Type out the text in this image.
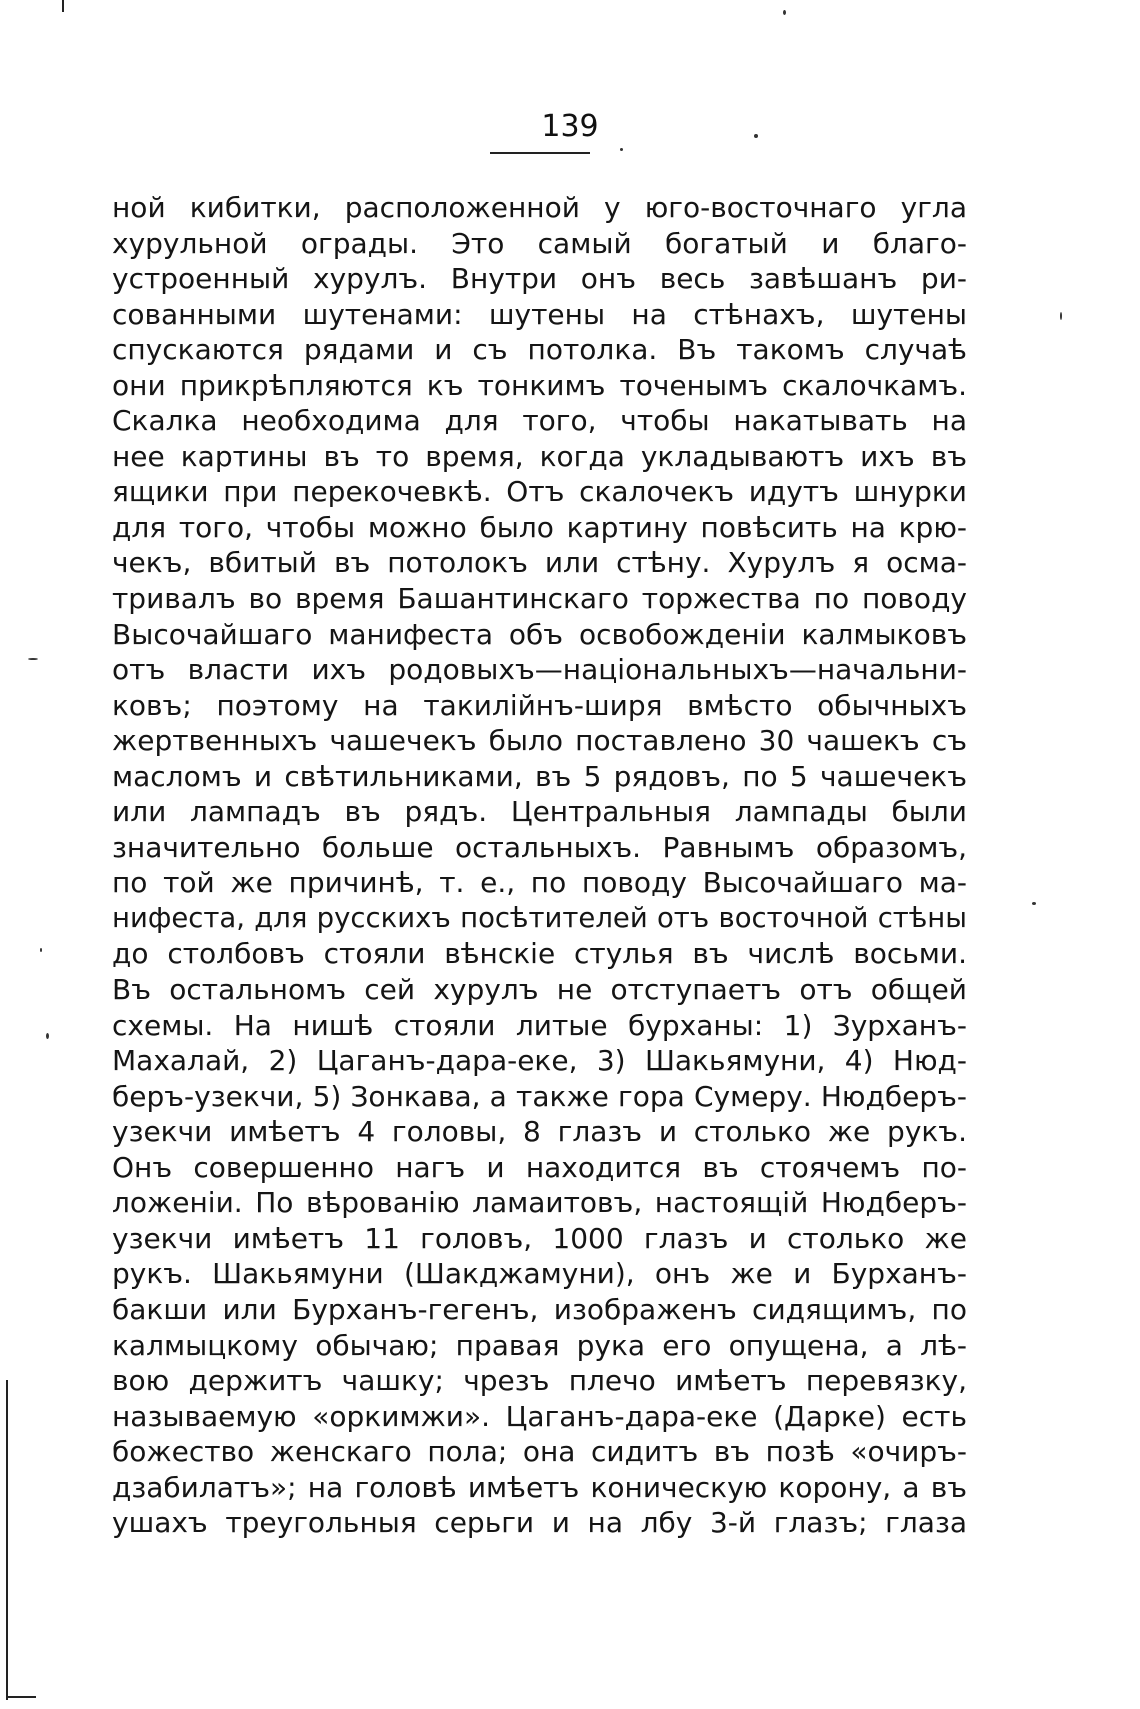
139
ной кибитки, расположенной у юго-восточнаго угла
хурульной ограды. Это самый богатый и благо-
устроенный хурулъ. Внутри онъ весь завѣшанъ ри-
сованными шутенами: шутены на стѣнахъ, шутены
спускаются рядами и съ потолка. Въ такомъ случаѣ
они прикрѣпляются къ тонкимъ точенымъ скалочкамъ.
Скалка необходима для того, чтобы накатывать на
нее картины въ то время, когда укладываютъ ихъ въ
ящики при перекочевкѣ. Отъ скалочекъ идутъ шнурки
для того, чтобы можно было картину повѣсить на крю-
чекъ, вбитый въ потолокъ или стѣну. Хурулъ я осма-
тривалъ во время Башантинскаго торжества по поводу
Высочайшаго манифеста объ освобожденіи калмыковъ
отъ власти ихъ родовыхъ—національныхъ—начальни-
ковъ; поэтому на такилійнъ-ширя вмѣсто обычныхъ
жертвенныхъ чашечекъ было поставлено 30 чашекъ съ
масломъ и свѣтильниками, въ 5 рядовъ, по 5 чашечекъ
или лампадъ въ рядъ. Центральныя лампады были
значительно больше остальныхъ. Равнымъ образомъ,
по той же причинѣ, т. е., по поводу Высочайшаго ма-
нифеста, для русскихъ посѣтителей отъ восточной стѣны
до столбовъ стояли вѣнскіе стулья въ числѣ восьми.
Въ остальномъ сей хурулъ не отступаетъ отъ общей
схемы. На нишѣ стояли литые бурханы: 1) Зурханъ-
Махалай, 2) Цаганъ-дара-еке, 3) Шакьямуни, 4) Нюд-
беръ-узекчи, 5) Зонкава, а также гора Сумеру. Нюдберъ-
узекчи имѣетъ 4 головы, 8 глазъ и столько же рукъ.
Онъ совершенно нагъ и находится въ стоячемъ по-
ложеніи. По вѣрованію ламаитовъ, настоящій Нюдберъ-
узекчи имѣетъ 11 головъ, 1000 глазъ и столько же
рукъ. Шакьямуни (Шакджамуни), онъ же и Бурханъ-
бакши или Бурханъ-гегенъ, изображенъ сидящимъ, по
калмыцкому обычаю; правая рука его опущена, а лѣ-
вою держитъ чашку; чрезъ плечо имѣетъ перевязку,
называемую «оркимжи». Цаганъ-дара-еке (Дарке) есть
божество женскаго пола; она сидитъ въ позѣ «очиръ-
дзабилатъ»; на головѣ имѣетъ коническую корону, а въ
ушахъ треугольныя серьги и на лбу 3-й глазъ; глаза
